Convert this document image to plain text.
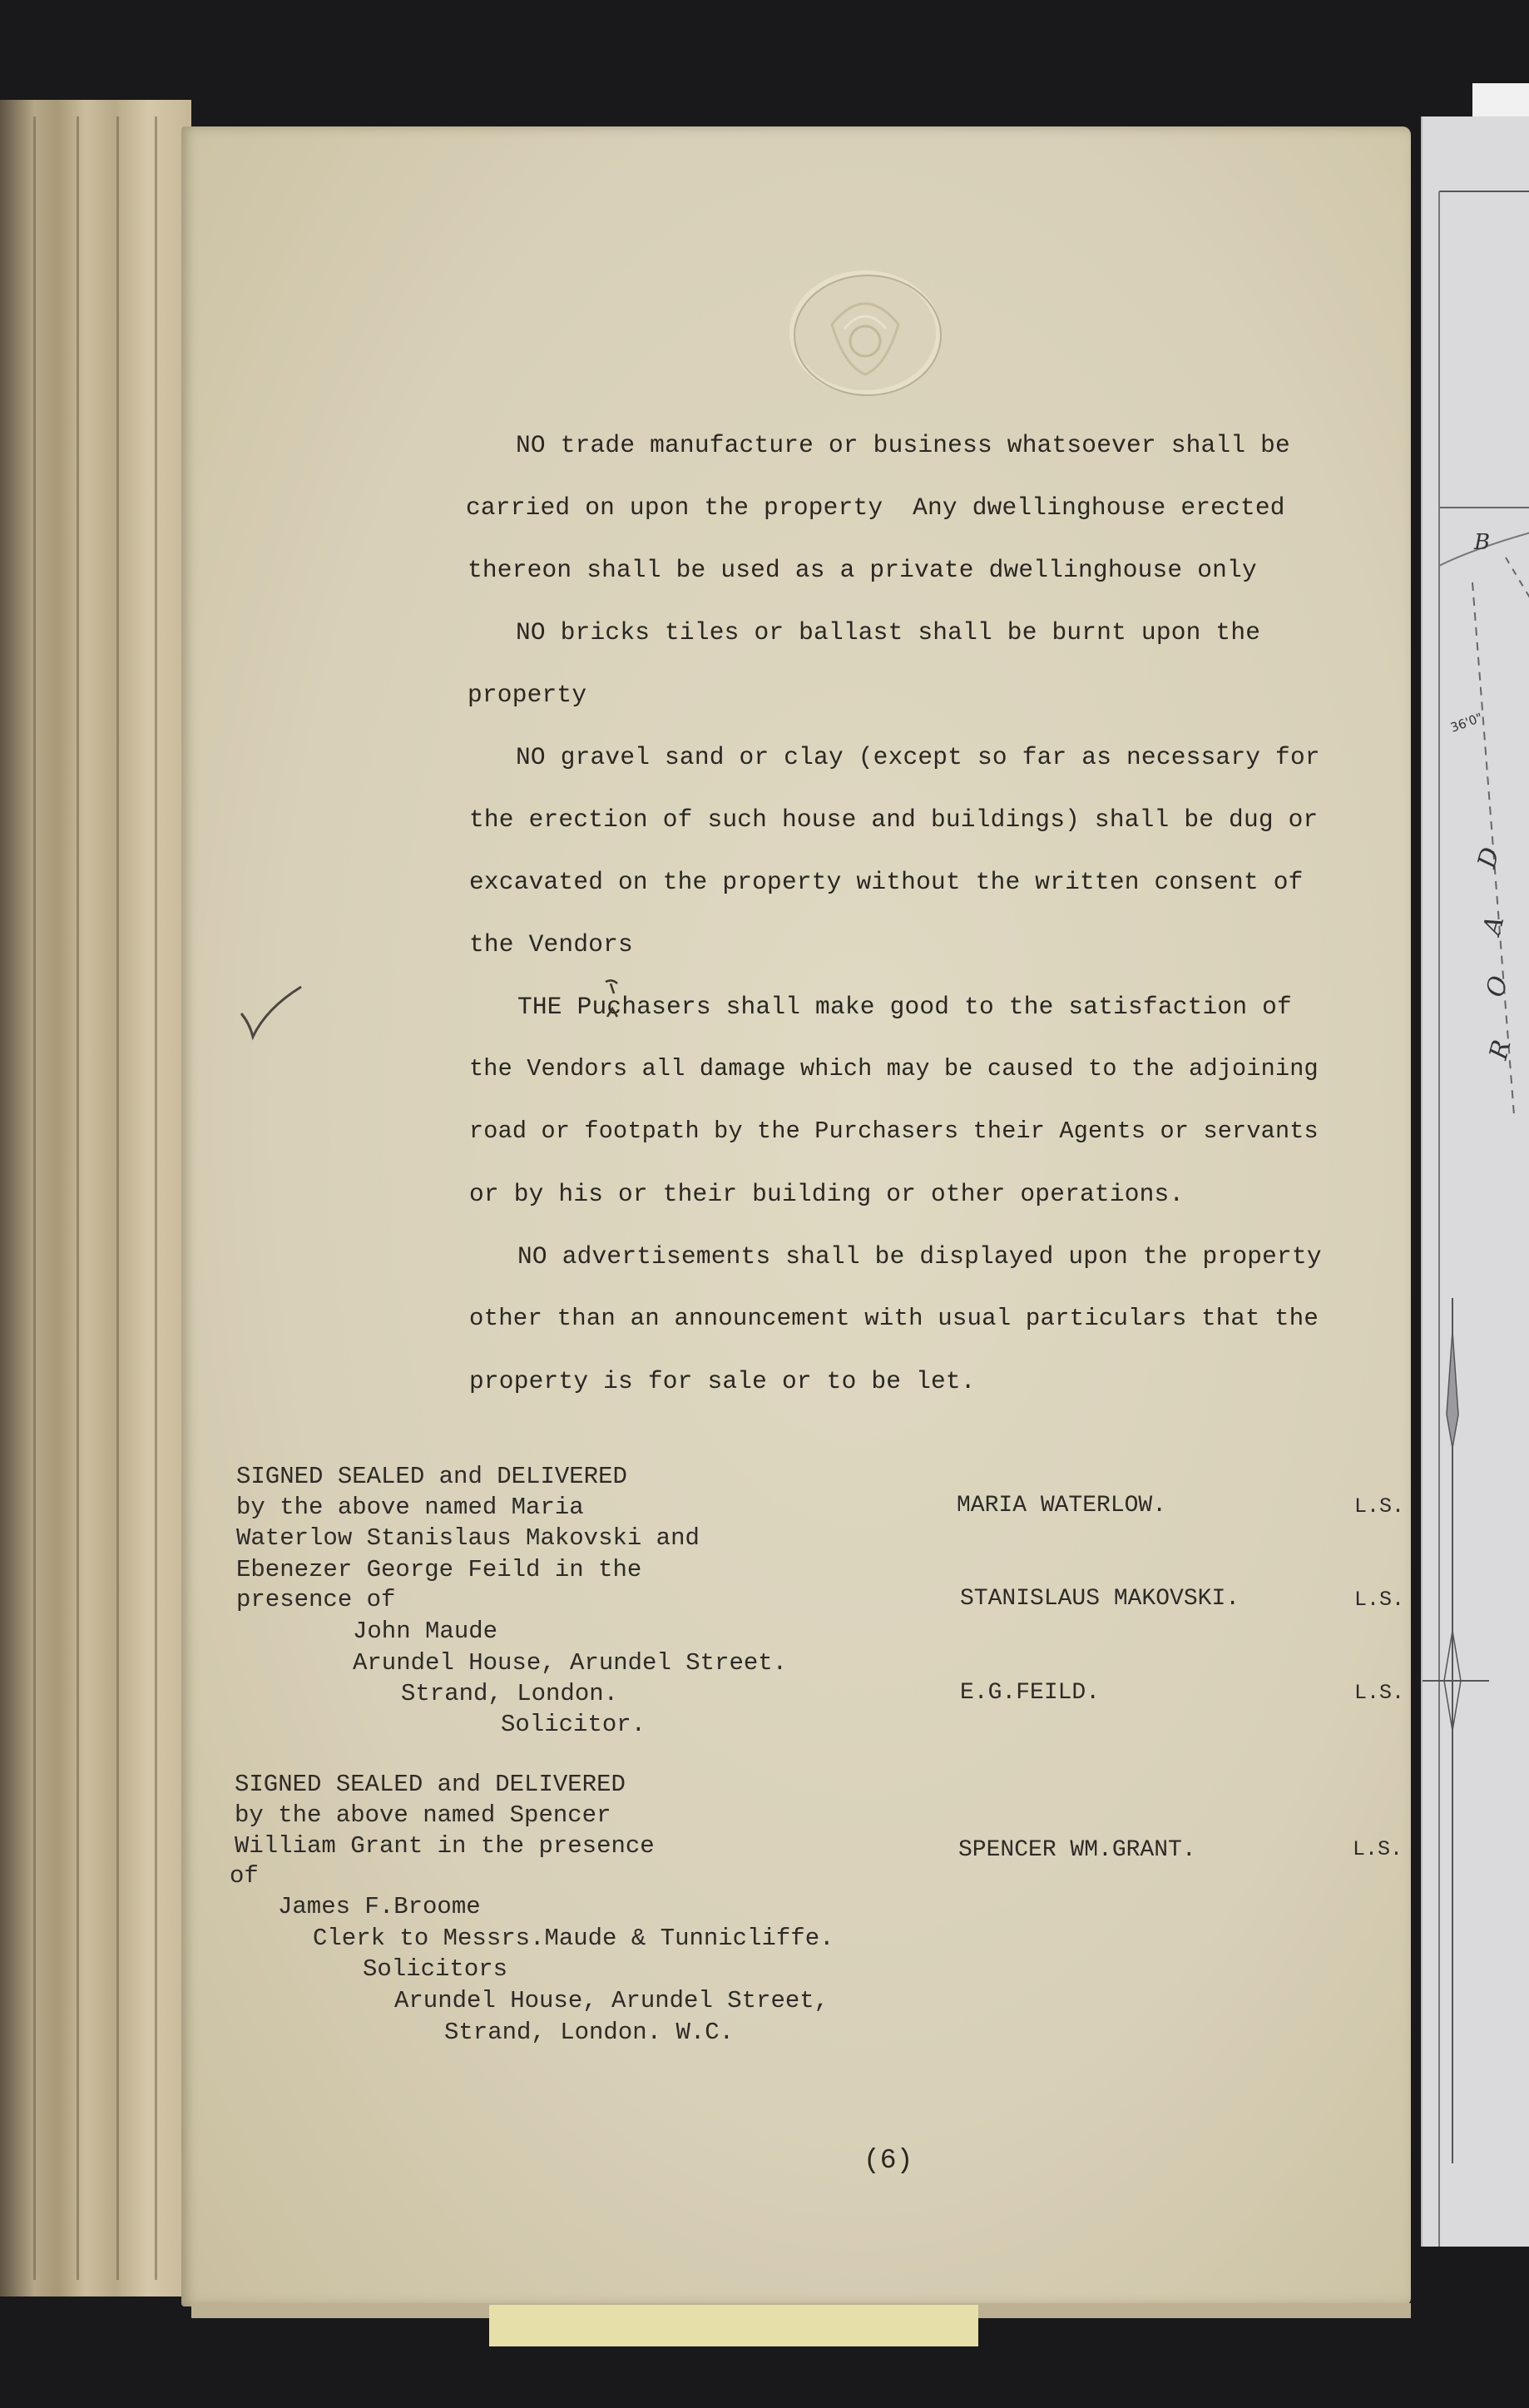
B
36'0"
D
A
O
R

NO trade manufacture or business whatsoever shall be

carried on upon the property  Any dwellinghouse erected

thereon shall be used as a private dwellinghouse only

NO bricks tiles or ballast shall be burnt upon the

property

NO gravel sand or clay (except so far as necessary for

the erection of such house and buildings) shall be dug or

excavated on the property without the written consent of

the Vendors

THE Puchasers shall make good to the satisfaction of

the Vendors all damage which may be caused to the adjoining

road or footpath by the Purchasers their Agents or servants

or by his or their building or other operations.

NO advertisements shall be displayed upon the property

other than an announcement with usual particulars that the

property is for sale or to be let.

SIGNED SEALED and DELIVERED
by the above named Maria
Waterlow Stanislaus Makovski and
Ebenezer George Feild in the
presence of
John Maude
Arundel House, Arundel Street.
Strand, London.
Solicitor.
SIGNED SEALED and DELIVERED
by the above named Spencer
William Grant in the presence
of
James F.Broome
Clerk to Messrs.Maude & Tunnicliffe.
Solicitors
Arundel House, Arundel Street,
Strand, London. W.C.
MARIA WATERLOW.	L.S.
STANISLAUS MAKOVSKI.	L.S.
E.G.FEILD.	L.S.
SPENCER WM.GRANT.	L.S.
(6)
